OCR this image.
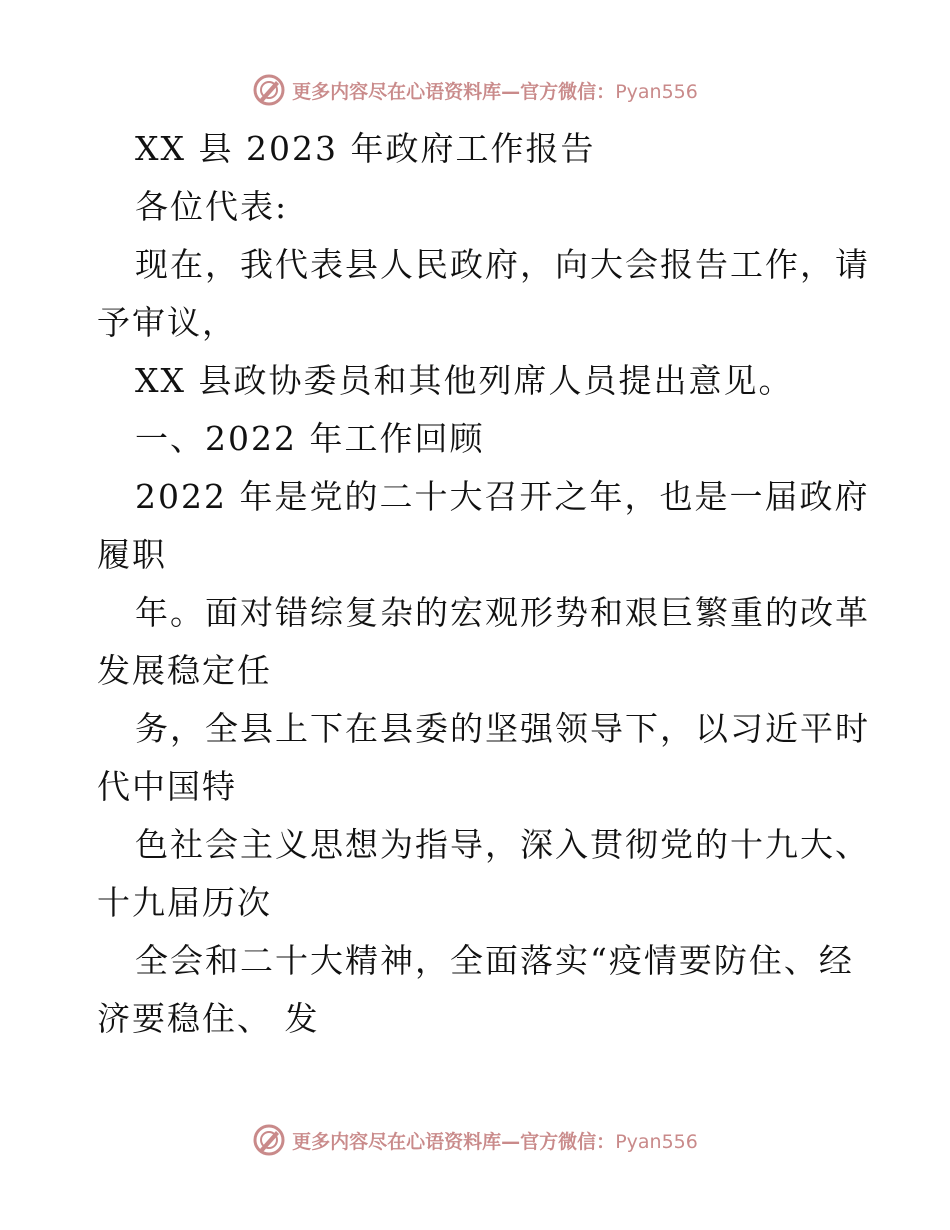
更多内容尽在心语资料库—官方微信：Pyan556
XX 县 2023 年政府工作报告
各位代表:
现在，我代表县人民政府，向大会报告工作，请
予审议，
XX 县政协委员和其他列席人员提出意见。
一、2022 年工作回顾
2022 年是党的二十大召开之年，也是一届政府
履职
年。面对错综复杂的宏观形势和艰巨繁重的改革
发展稳定任
务，全县上下在县委的坚强领导下，以习近平时
代中国特
色社会主义思想为指导，深入贯彻党的十九大、
十九届历次
全会和二十大精神，全面落实“疫情要防住、经
济要稳住、 发
更多内容尽在心语资料库—官方微信：Pyan556
